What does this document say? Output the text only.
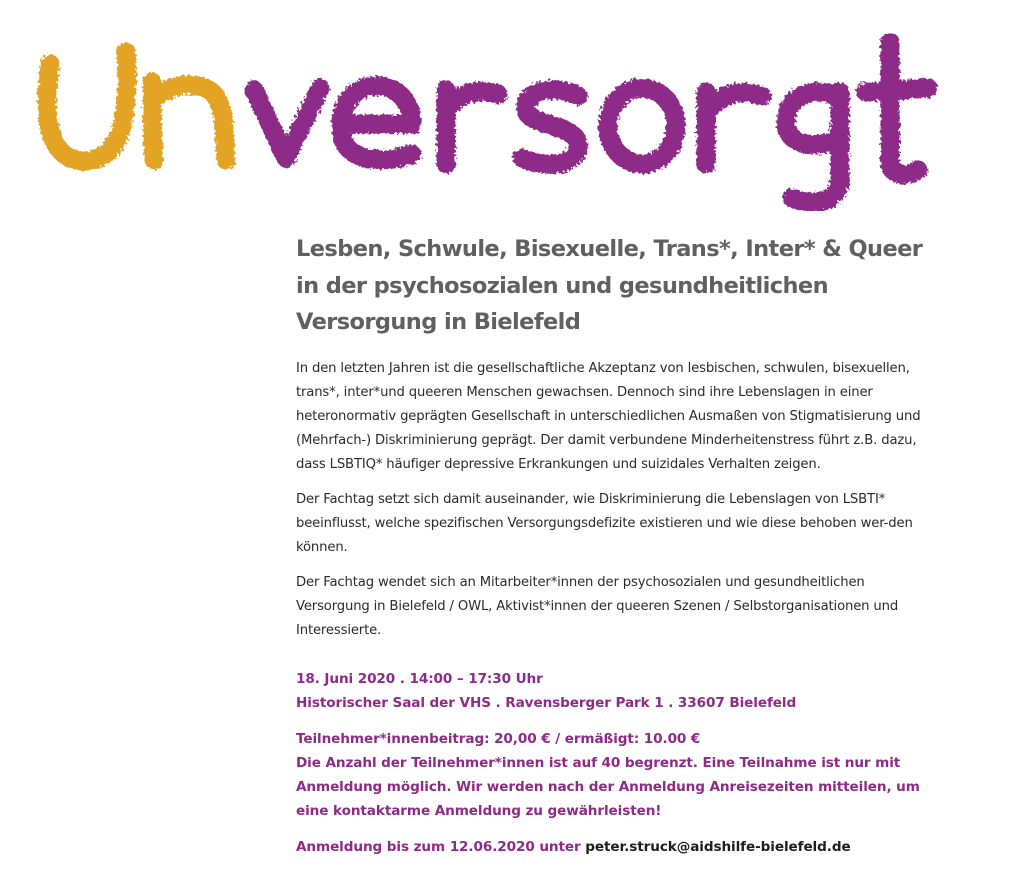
Lesben, Schwule, Bisexuelle, Trans*, Inter* & Queer in der psychosozialen und gesundheitlichen Versorgung in Bielefeld

In den letzten Jahren ist die gesellschaftliche Akzeptanz von lesbischen, schwulen, bisexuellen, trans*, inter*und queeren Menschen gewachsen. Dennoch sind ihre Lebenslagen in einer heteronormativ geprägten Gesellschaft in unterschiedlichen Ausmaßen von Stigmatisierung und (Mehrfach-) Diskriminierung geprägt. Der damit verbundene Minderheitenstress führt z.B. dazu, dass LSBTIQ* häufiger depressive Erkrankungen und suizidales Verhalten zeigen.

Der Fachtag setzt sich damit auseinander, wie Diskriminierung die Lebenslagen von LSBTI* beeinflusst, welche spezifischen Versorgungsdefizite existieren und wie diese behoben wer-den können.

Der Fachtag wendet sich an Mitarbeiter*innen der psychosozialen und gesundheitlichen Versorgung in Bielefeld / OWL, Aktivist*innen der queeren Szenen / Selbstorganisationen und Interessierte.

18. Juni 2020 . 14:00 – 17:30 Uhr
Historischer Saal der VHS . Ravensberger Park 1 . 33607 Bielefeld
Teilnehmer*innenbeitrag: 20,00 € / ermäßigt: 10.00 €
Die Anzahl der Teilnehmer*innen ist auf 40 begrenzt. Eine Teilnahme ist nur mit Anmeldung möglich. Wir werden nach der Anmeldung Anreisezeiten mitteilen, um eine kontaktarme Anmeldung zu gewährleisten!
Anmeldung bis zum 12.06.2020 unter peter.struck@aidshilfe-bielefeld.de
